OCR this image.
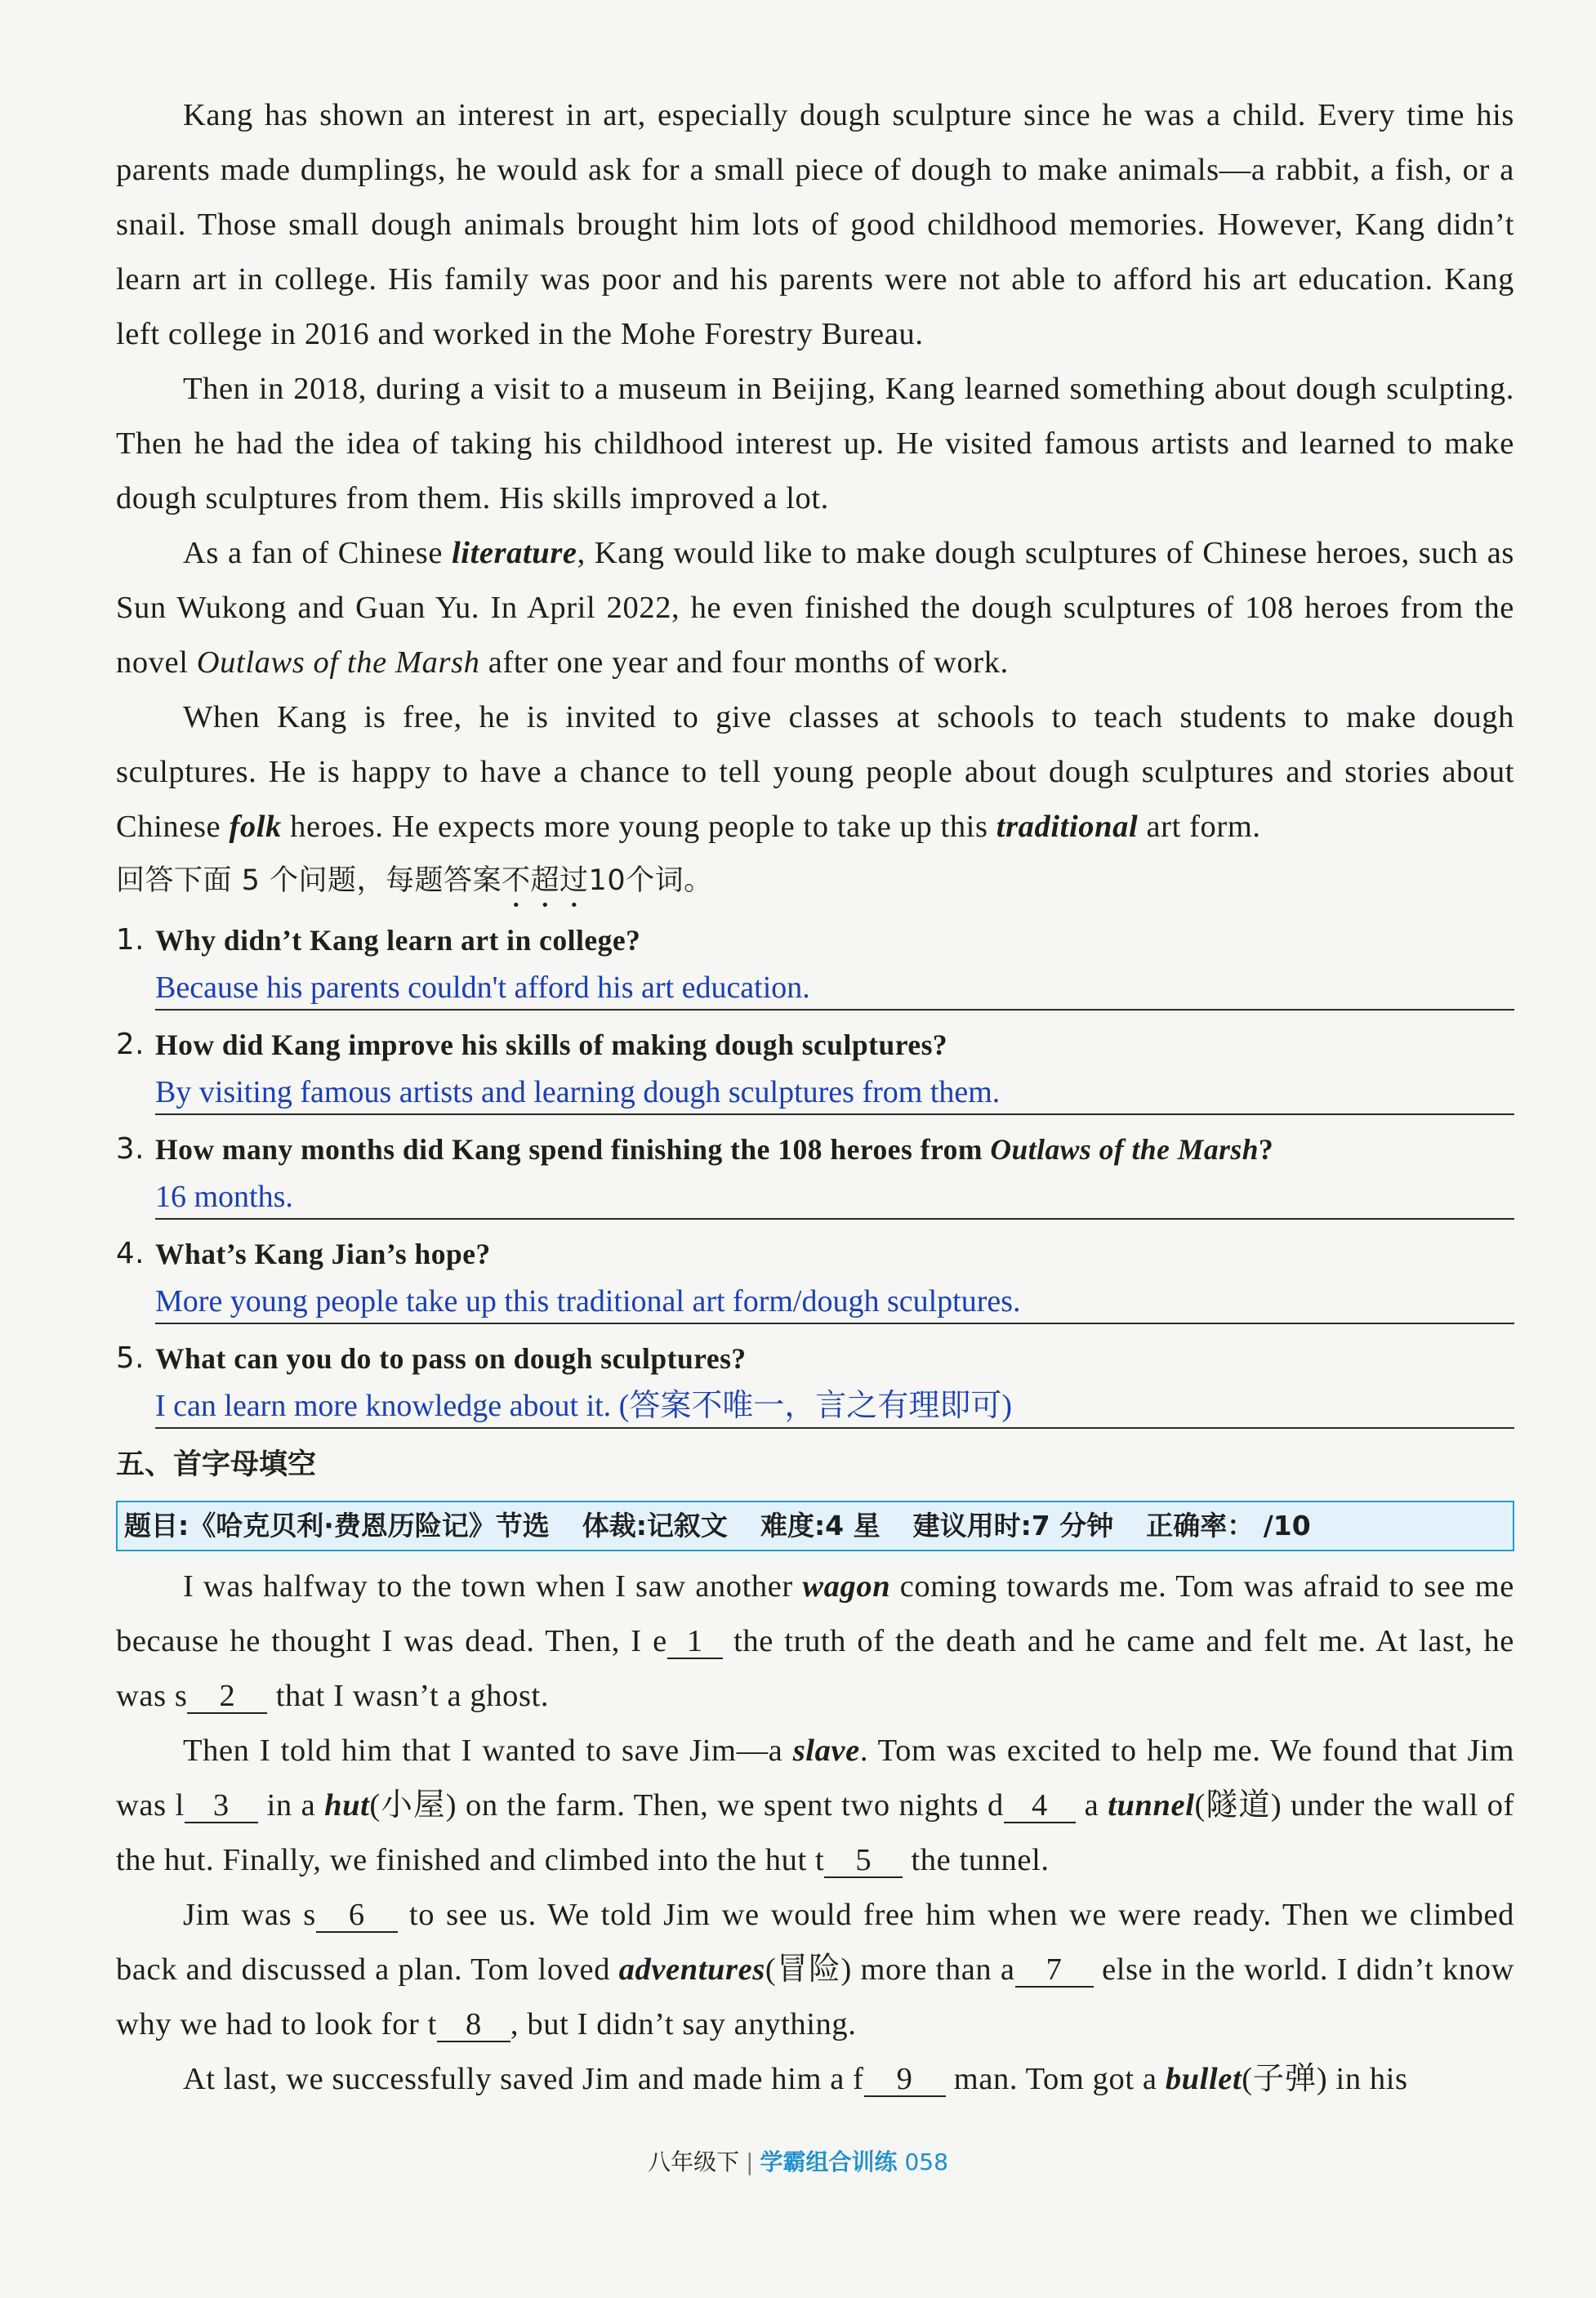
Kang has shown an interest in art, especially dough sculpture since he was a child. Every time his parents made dumplings, he would ask for a small piece of dough to make animals—a rabbit, a fish, or a snail. Those small dough animals brought him lots of good childhood memories. However, Kang didn’t learn art in college. His family was poor and his parents were not able to afford his art education. Kang left college in 2016 and worked in the Mohe Forestry Bureau.

Then in 2018, during a visit to a museum in Beijing, Kang learned something about dough sculpting. Then he had the idea of taking his childhood interest up. He visited famous artists and learned to make dough sculptures from them. His skills improved a lot.

As a fan of Chinese literature, Kang would like to make dough sculptures of Chinese heroes, such as Sun Wukong and Guan Yu. In April 2022, he even finished the dough sculptures of 108 heroes from the novel Outlaws of the Marsh after one year and four months of work.

When Kang is free, he is invited to give classes at schools to teach students to make dough sculptures. He is happy to have a chance to tell young people about dough sculptures and stories about Chinese folk heroes. He expects more young people to take up this traditional art form.

回答下面 5 个问题，每题答案不超过10个词。

1. Why didn’t Kang learn art in college?
Because his parents couldn't afford his art education.
2. How did Kang improve his skills of making dough sculptures?
By visiting famous artists and learning dough sculptures from them.
3. How many months did Kang spend finishing the 108 heroes from Outlaws of the Marsh?
16 months.
4. What’s Kang Jian’s hope?
More young people take up this traditional art form/dough sculptures.
5. What can you do to pass on dough sculptures?
I can learn more knowledge about it. (答案不唯一，言之有理即可)
五、首字母填空
题目:《哈克贝利·费恩历险记》节选 体裁:记叙文 难度:4 星 建议用时:7 分钟 正确率： /10

I was halfway to the town when I saw another wagon coming towards me. Tom was afraid to see me because he thought I was dead. Then, I e 1 the truth of the death and he came and felt me. At last, he was s 2 that I wasn’t a ghost.

Then I told him that I wanted to save Jim—a slave. Tom was excited to help me. We found that Jim was l 3 in a hut(小屋) on the farm. Then, we spent two nights d 4 a tunnel(隧道) under the wall of the hut. Finally, we finished and climbed into the hut t 5 the tunnel.

Jim was s 6 to see us. We told Jim we would free him when we were ready. Then we climbed back and discussed a plan. Tom loved adventures(冒险) more than a 7 else in the world. I didn’t know why we had to look for t 8 , but I didn’t say anything.

At last, we successfully saved Jim and made him a f 9 man. Tom got a bullet(子弹) in his

八年级下 | 学霸组合训练 058
